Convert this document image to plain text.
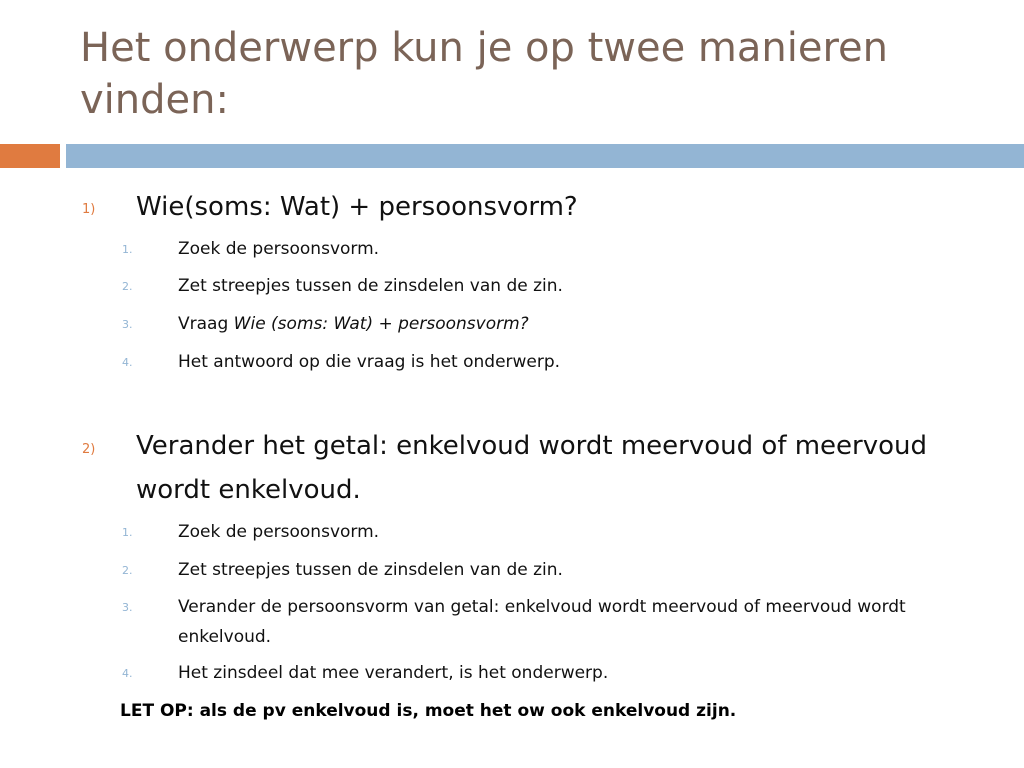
Het onderwerp kun je op twee manieren vinden:
1) Wie(soms: Wat) + persoonsvorm?
1.	Zoek de persoonsvorm.
2.	Zet streepjes tussen de zinsdelen van de zin.
3.	Vraag Wie (soms: Wat) + persoonsvorm?
4.	Het antwoord op die vraag is het onderwerp.
2) Verander het getal: enkelvoud wordt meervoud of meervoud wordt enkelvoud.
1.	Zoek de persoonsvorm.
2.	Zet streepjes tussen de zinsdelen van de zin.
3.	Verander de persoonsvorm van getal: enkelvoud wordt meervoud of meervoud wordt enkelvoud.
4.	Het zinsdeel dat mee verandert, is het onderwerp.
LET OP: als de pv enkelvoud is, moet het ow ook enkelvoud zijn.
